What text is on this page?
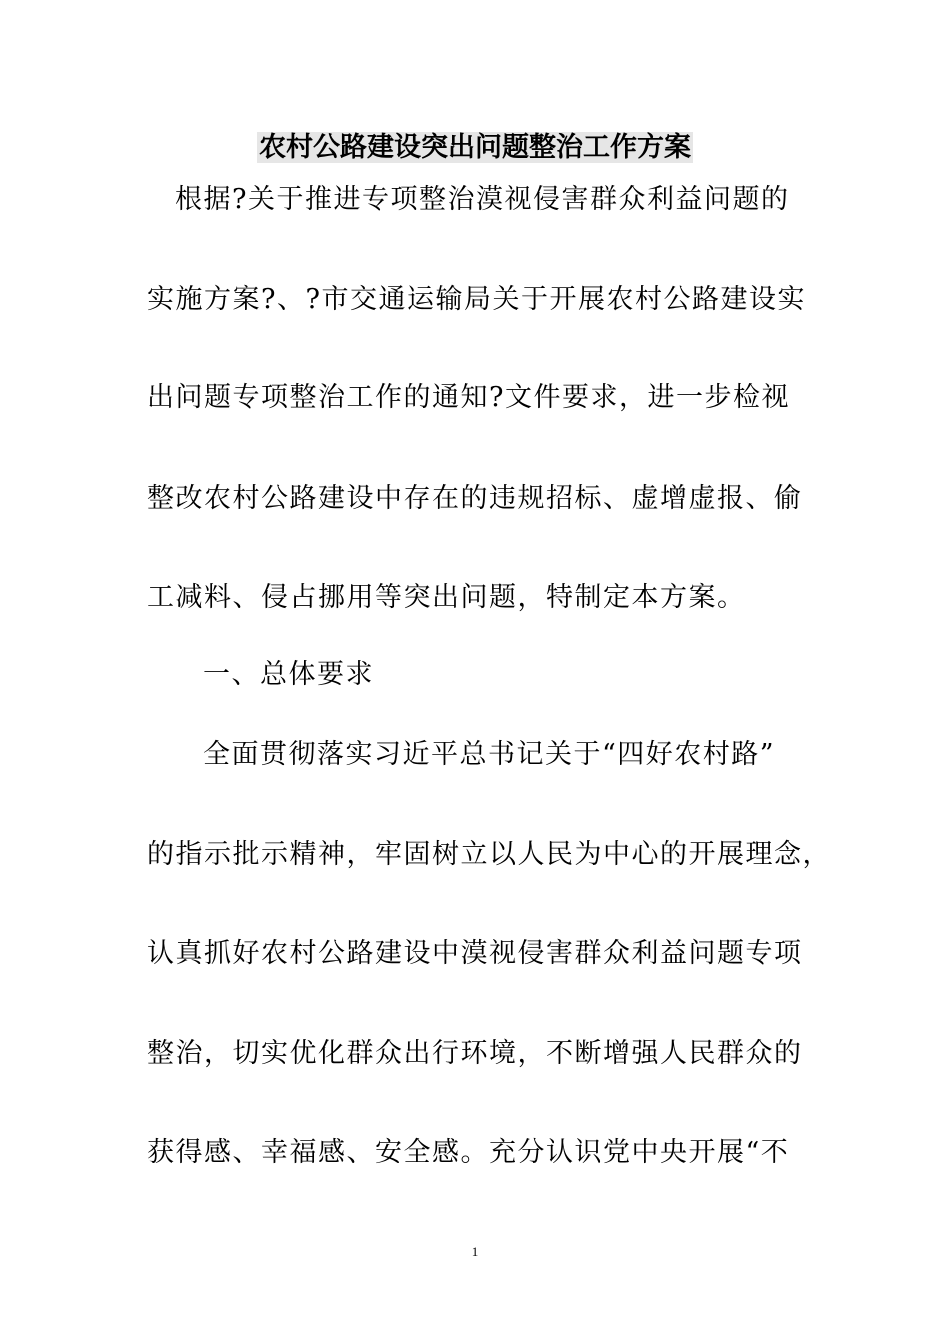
农村公路建设突出问题整治工作方案
根据?关于推进专项整治漠视侵害群众利益问题的
实施方案?、?市交通运输局关于开展农村公路建设实
出问题专项整治工作的通知?文件要求，进一步检视
整改农村公路建设中存在的违规招标、虚增虚报、偷
工减料、侵占挪用等突出问题，特制定本方案。
一、总体要求
全面贯彻落实习近平总书记关于“四好农村路”
的指示批示精神，牢固树立以人民为中心的开展理念，
认真抓好农村公路建设中漠视侵害群众利益问题专项
整治，切实优化群众出行环境，不断增强人民群众的
获得感、幸福感、安全感。充分认识党中央开展“不
1
